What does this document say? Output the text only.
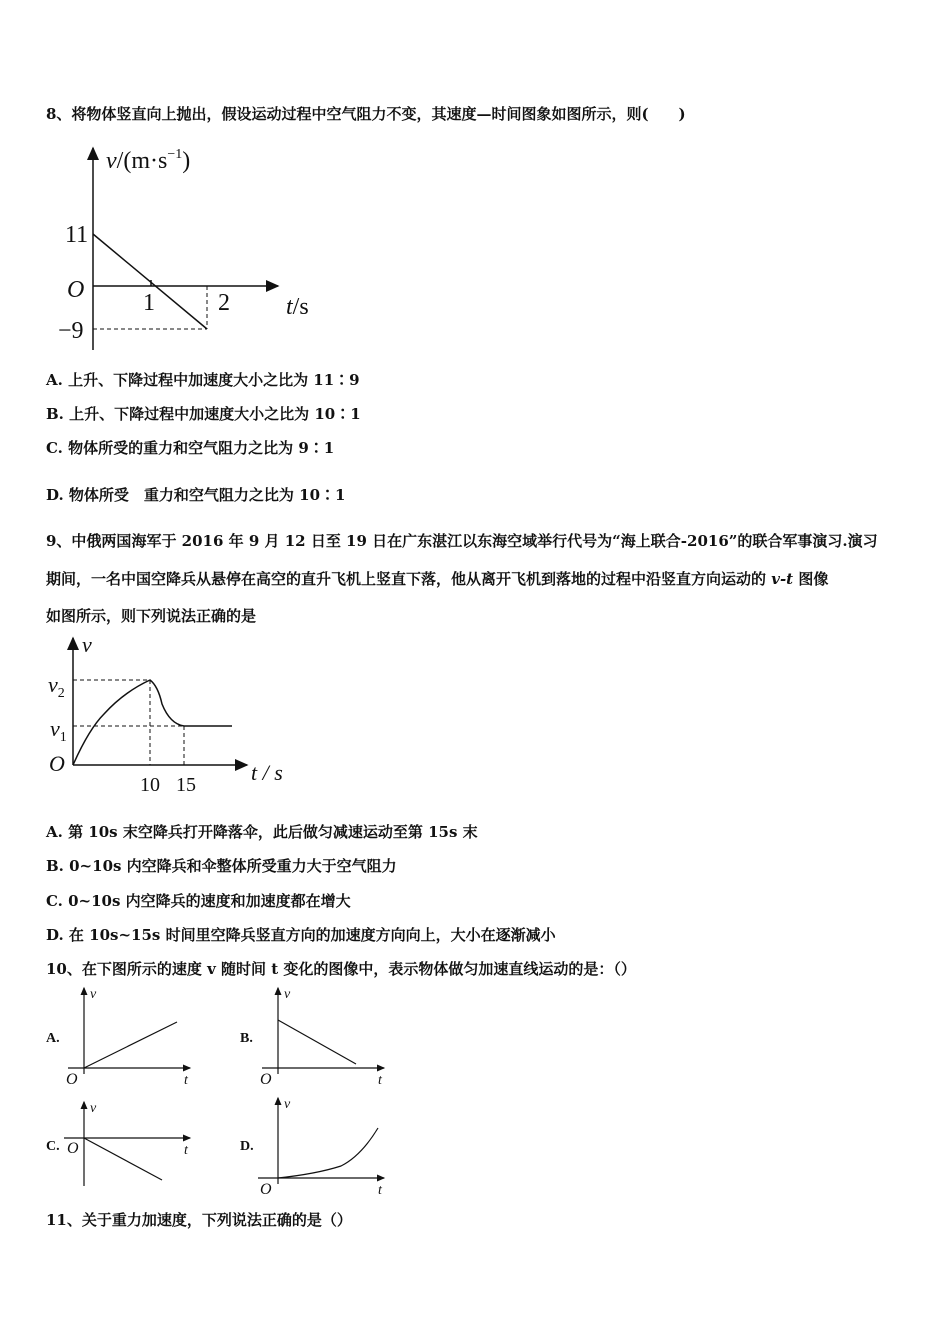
8、将物体竖直向上抛出，假设运动过程中空气阻力不变，其速度—时间图象如图所示，则(　　)
$v/(m\cdot s^{-1})$
11
O 1	2 t/s
−9
A. 上升、下降过程中加速度大小之比为 11∶9
B. 上升、下降过程中加速度大小之比为 10∶1
C. 物体所受的重力和空气阻力之比为 9∶1
D. 物体所受　重力和空气阻力之比为 10∶1
9、中俄两国海军于 2016 年 9 月 12 日至 19 日在广东湛江以东海空域举行代号为“海上联合-2016”的联合军事演习.演习
期间，一名中国空降兵从悬停在高空的直升飞机上竖直下落，他从离开飞机到落地的过程中沿竖直方向运动的 v-t 图像
如图所示，则下列说法正确的是
v
$v_2$
$v_1$
O
10 15	t / s
A. 第 10s 末空降兵打开降落伞，此后做匀减速运动至第 15s 末
B. 0~10s 内空降兵和伞整体所受重力大于空气阻力
C. 0~10s 内空降兵的速度和加速度都在增大
D. 在 10s~15s 时间里空降兵竖直方向的加速度方向向上，大小在逐渐减小
10、在下图所示的速度 v 随时间 t 变化的图像中，表示物体做匀加速直线运动的是：（）
A.
v
O	t
B.
v
O	t
C.
v
O	t	D.
v
O	t
11、关于重力加速度，下列说法正确的是（）
